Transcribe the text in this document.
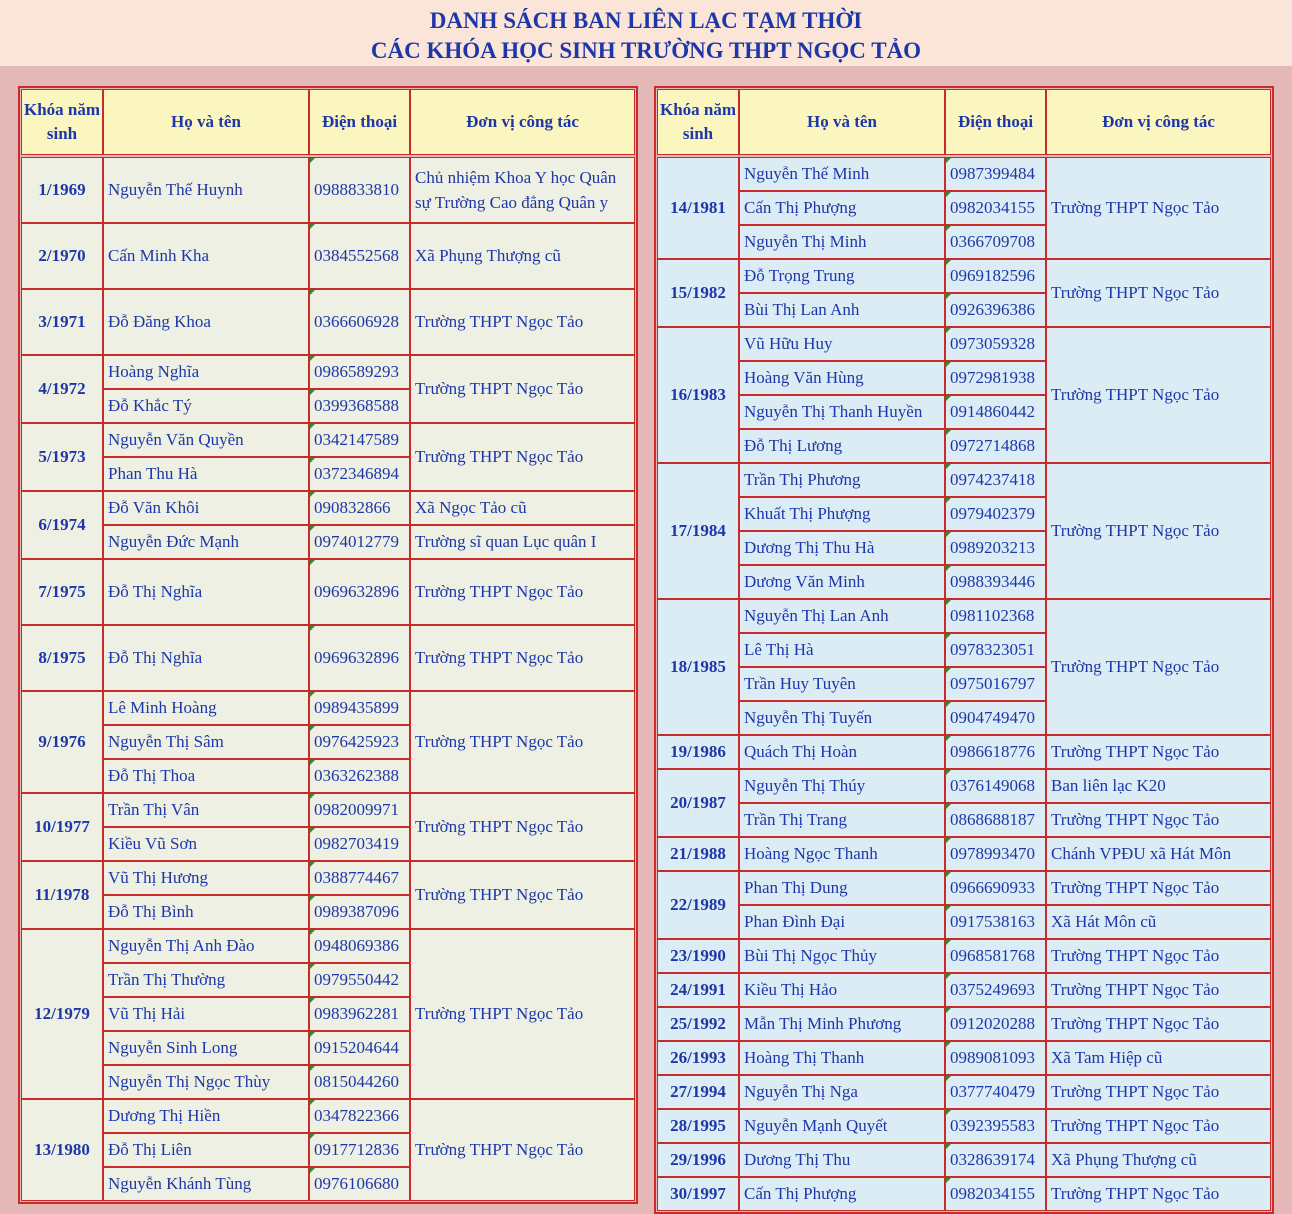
DANH SÁCH BAN LIÊN LẠC TẠM THỜI
CÁC KHÓA HỌC SINH TRƯỜNG THPT NGỌC TẢO
Khóa năm sinh	Họ và tên	Điện thoại	Đơn vị công tác

1/1969	Nguyễn Thế Huynh	0988833810	Chủ nhiệm Khoa Y học Quân sự Trường Cao đẳng Quân y
2/1970	Cấn Minh Kha	0384552568	Xã Phụng Thượng cũ
3/1971	Đỗ Đăng Khoa	0366606928	Trường THPT Ngọc Tảo
4/1972	Hoàng Nghĩa	0986589293	Trường THPT Ngọc Tảo
	Đỗ Khắc Tý	0399368588	
5/1973	Nguyễn Văn Quyền	0342147589	Trường THPT Ngọc Tảo
	Phan Thu Hà	0372346894	
6/1974	Đỗ Văn Khôi	090832866	Xã Ngọc Tảo cũ
	Nguyễn Đức Mạnh	0974012779	Trường sĩ quan Lục quân I
7/1975	Đỗ Thị Nghĩa	0969632896	Trường THPT Ngọc Tảo
8/1975	Đỗ Thị Nghĩa	0969632896	Trường THPT Ngọc Tảo
9/1976	Lê Minh Hoàng	0989435899	Trường THPT Ngọc Tảo
	Nguyễn Thị Sâm	0976425923	
	Đỗ Thị Thoa	0363262388	
10/1977	Trần Thị Vân	0982009971	Trường THPT Ngọc Tảo
	Kiều Vũ Sơn	0982703419	
11/1978	Vũ Thị Hương	0388774467	Trường THPT Ngọc Tảo
	Đỗ Thị Bình	0989387096	
12/1979	Nguyễn Thị Anh Đào	0948069386	Trường THPT Ngọc Tảo
	Trần Thị Thường	0979550442	
	Vũ Thị Hải	0983962281	
	Nguyễn Sinh Long	0915204644	
	Nguyễn Thị Ngọc Thùy	0815044260	
13/1980	Dương Thị Hiền	0347822366	Trường THPT Ngọc Tảo
	Đỗ Thị Liên	0917712836	
	Nguyễn Khánh Tùng	0976106680	
Khóa năm sinh	Họ và tên	Điện thoại	Đơn vị công tác

14/1981	Nguyễn Thế Minh	0987399484	Trường THPT Ngọc Tảo
	Cấn Thị Phượng	0982034155	
	Nguyễn Thị Minh	0366709708	
15/1982	Đỗ Trọng Trung	0969182596	Trường THPT Ngọc Tảo
	Bùi Thị Lan Anh	0926396386	
16/1983	Vũ Hữu Huy	0973059328	Trường THPT Ngọc Tảo
	Hoàng Văn Hùng	0972981938	
	Nguyễn Thị Thanh Huyền	0914860442	
	Đỗ Thị Lương	0972714868	
17/1984	Trần Thị Phương	0974237418	Trường THPT Ngọc Tảo
	Khuất Thị Phượng	0979402379	
	Dương Thị Thu Hà	0989203213	
	Dương Văn Minh	0988393446	
18/1985	Nguyễn Thị Lan Anh	0981102368	Trường THPT Ngọc Tảo
	Lê Thị Hà	0978323051	
	Trần Huy Tuyên	0975016797	
	Nguyễn Thị Tuyến	0904749470	
19/1986	Quách Thị Hoàn	0986618776	Trường THPT Ngọc Tảo
20/1987	Nguyễn Thị Thúy	0376149068	Ban liên lạc K20
	Trần Thị Trang	0868688187	Trường THPT Ngọc Tảo
21/1988	Hoàng Ngọc Thanh	0978993470	Chánh VPĐU xã Hát Môn
22/1989	Phan Thị Dung	0966690933	Trường THPT Ngọc Tảo
	Phan Đình Đại	0917538163	Xã Hát Môn cũ
23/1990	Bùi Thị Ngọc Thủy	0968581768	Trường THPT Ngọc Tảo
24/1991	Kiều Thị Hảo	0375249693	Trường THPT Ngọc Tảo
25/1992	Mẫn Thị Minh Phương	0912020288	Trường THPT Ngọc Tảo
26/1993	Hoàng Thị Thanh	0989081093	Xã Tam Hiệp cũ
27/1994	Nguyễn Thị Nga	0377740479	Trường THPT Ngọc Tảo
28/1995	Nguyễn Mạnh Quyết	0392395583	Trường THPT Ngọc Tảo
29/1996	Dương Thị Thu	0328639174	Xã Phụng Thượng cũ
30/1997	Cấn Thị Phượng	0982034155	Trường THPT Ngọc Tảo
